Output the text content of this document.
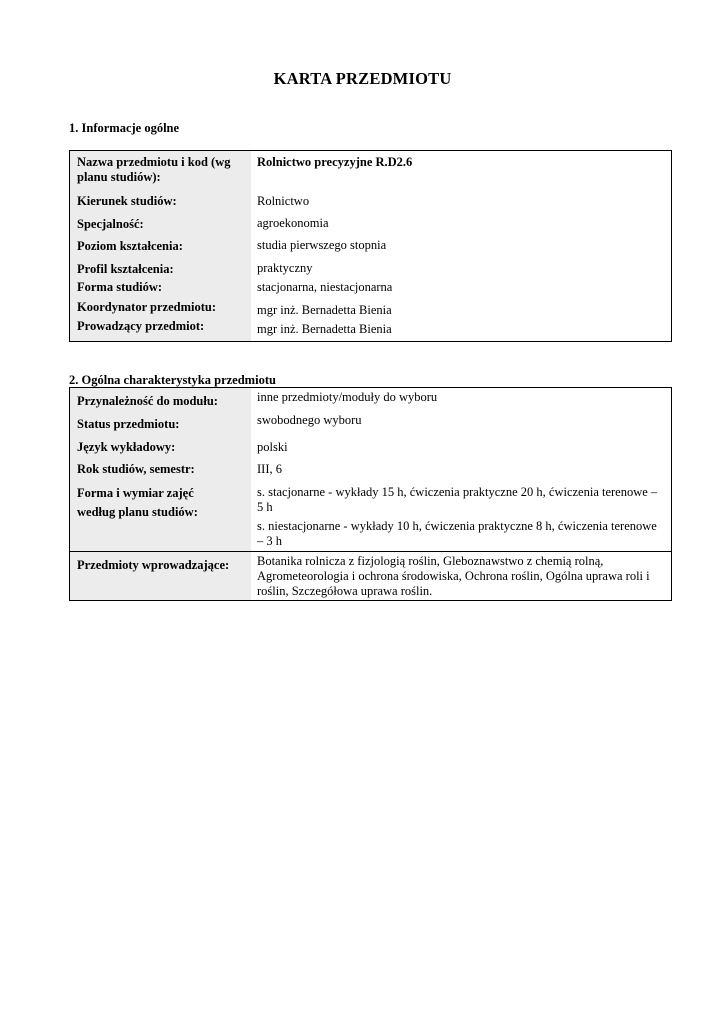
KARTA PRZEDMIOTU
1. Informacje ogólne
Nazwa przedmiotu i kod (wg planu studiów):
Rolnictwo precyzyjne R.D2.6
Kierunek studiów:	Rolnictwo
Specjalność:	agroekonomia
Poziom kształcenia:	studia pierwszego stopnia
Profil kształcenia:	praktyczny
Forma studiów:	stacjonarna, niestacjonarna
Koordynator przedmiotu:	mgr inż. Bernadetta Bienia
Prowadzący przedmiot:	mgr inż. Bernadetta Bienia
2. Ogólna charakterystyka przedmiotu
Przynależność do modułu:	inne przedmioty/moduły do wyboru
Status przedmiotu:	swobodnego wyboru
Język wykładowy:	polski
Rok studiów, semestr:	III, 6
Forma i wymiar zajęć według planu studiów:
s. stacjonarne - wykłady 15 h, ćwiczenia praktyczne 20 h, ćwiczenia terenowe – 5 h
s. niestacjonarne - wykłady 10 h, ćwiczenia praktyczne 8 h, ćwiczenia terenowe – 3 h
Przedmioty wprowadzające:	Botanika rolnicza z fizjologią roślin, Gleboznawstwo z chemią rolną, Agrometeorologia i ochrona środowiska, Ochrona roślin, Ogólna uprawa roli i roślin, Szczegółowa uprawa roślin.
